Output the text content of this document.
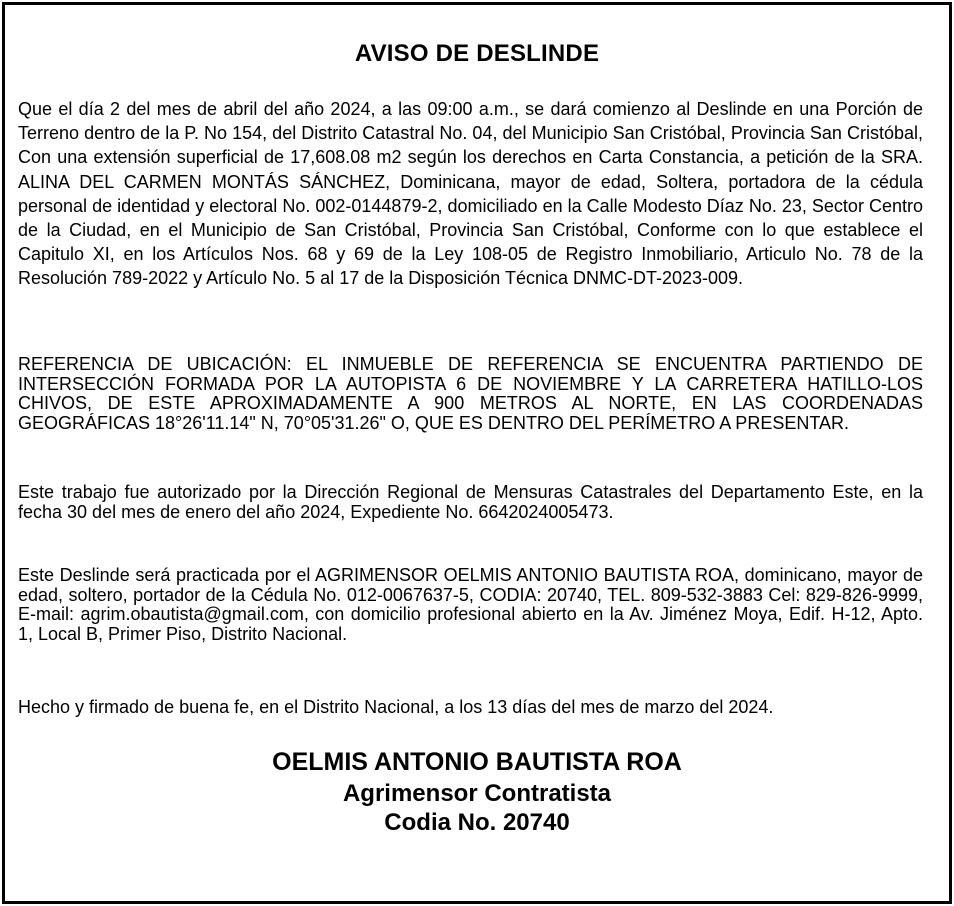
AVISO DE DESLINDE

Que el día 2 del mes de abril del año 2024, a las 09:00 a.m., se dará comienzo al Deslinde en una Porción de Terreno dentro de la P. No 154, del Distrito Catastral No. 04, del Municipio San Cristóbal, Provincia San Cristóbal, Con una extensión superficial de 17,608.08 m2 según los derechos en Carta Constancia, a petición de la SRA. ALINA DEL CARMEN MONTÁS SÁNCHEZ, Dominicana, mayor de edad, Soltera, portadora de la cédula personal de identidad y electoral No. 002-0144879-2, domiciliado en la Calle Modesto Díaz No. 23, Sector Centro de la Ciudad, en el Municipio de San Cristóbal, Provincia San Cristóbal, Conforme con lo que establece el Capitulo XI, en los Artículos Nos. 68 y 69 de la Ley 108-05 de Registro Inmobiliario, Articulo No. 78 de la Resolución 789-2022 y Artículo No. 5 al 17 de la Disposición Técnica DNMC-DT-2023-009.

REFERENCIA DE UBICACIÓN: EL INMUEBLE DE REFERENCIA SE ENCUENTRA PARTIENDO DE INTERSECCIÓN FORMADA POR LA AUTOPISTA 6 DE NOVIEMBRE Y LA CARRETERA HATILLO-LOS CHIVOS, DE ESTE APROXIMADAMENTE A 900 METROS AL NORTE, EN LAS COORDENADAS GEOGRÁFICAS 18°26'11.14" N, 70°05'31.26" O, QUE ES DENTRO DEL PERÍMETRO A PRESENTAR.

Este trabajo fue autorizado por la Dirección Regional de Mensuras Catastrales del Departamento Este, en la fecha 30 del mes de enero del año 2024, Expediente No. 6642024005473.

Este Deslinde será practicada por el AGRIMENSOR OELMIS ANTONIO BAUTISTA ROA, dominicano, mayor de edad, soltero, portador de la Cédula No. 012-0067637-5, CODIA: 20740, TEL. 809-532-3883 Cel: 829-826-9999, E-mail: agrim.obautista@gmail.com, con domicilio profesional abierto en la Av. Jiménez Moya, Edif. H-12, Apto. 1, Local B, Primer Piso, Distrito Nacional.

Hecho y firmado de buena fe, en el Distrito Nacional, a los 13 días del mes de marzo del 2024.

OELMIS ANTONIO BAUTISTA ROA

Agrimensor Contratista

Codia No. 20740
